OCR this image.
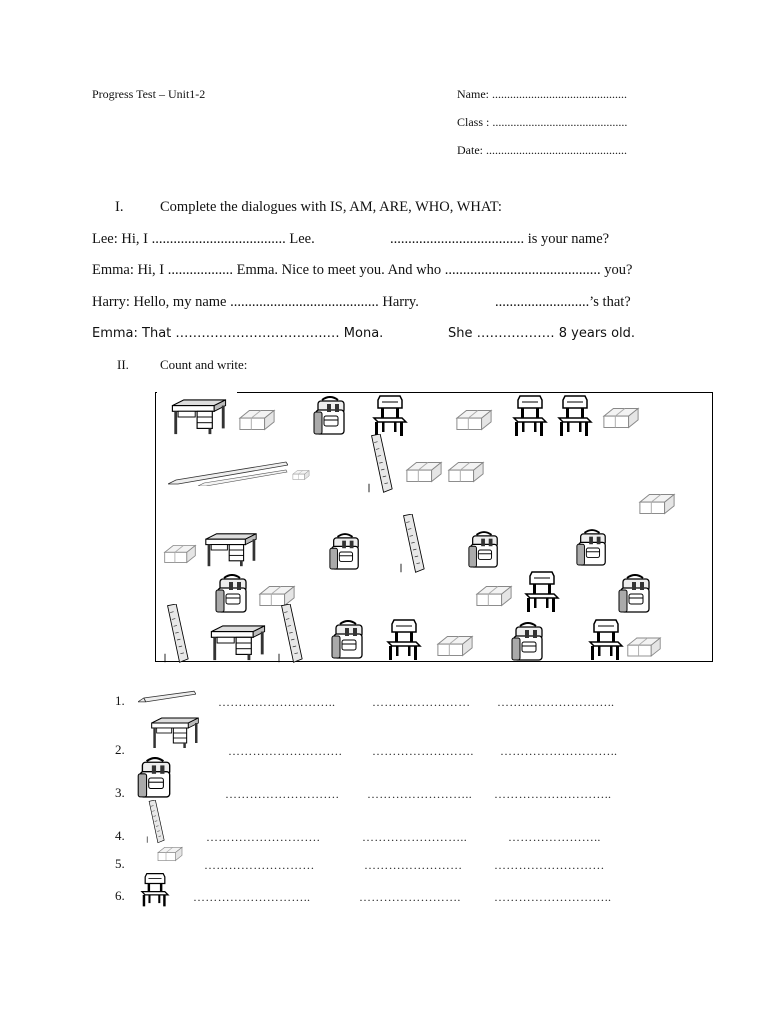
Progress Test – Unit1-2	Name: .............................................
Class : .............................................
Date: ...............................................
I.	Complete the dialogues with IS, AM, ARE, WHO, WHAT:
Lee: Hi, I ..................................... Lee.	..................................... is your name?
Emma: Hi, I .................. Emma. Nice to meet you. And who ........................................... you?
Harry: Hello, my name ......................................... Harry.	..........................’s that?
Emma: That ……………………………..… Mona.	She ……………… 8 years old.
II. Count and write:
1.	………………………..	…………………… ………………………..
2.	……………………….	……………………. ………………………..
3.	………………………. …………………….. ………………………..
4.	……………………….	……………………..	…………………..
5.	………………………	……………………	………………………
6.	………………………..	…………………….	………………………..
